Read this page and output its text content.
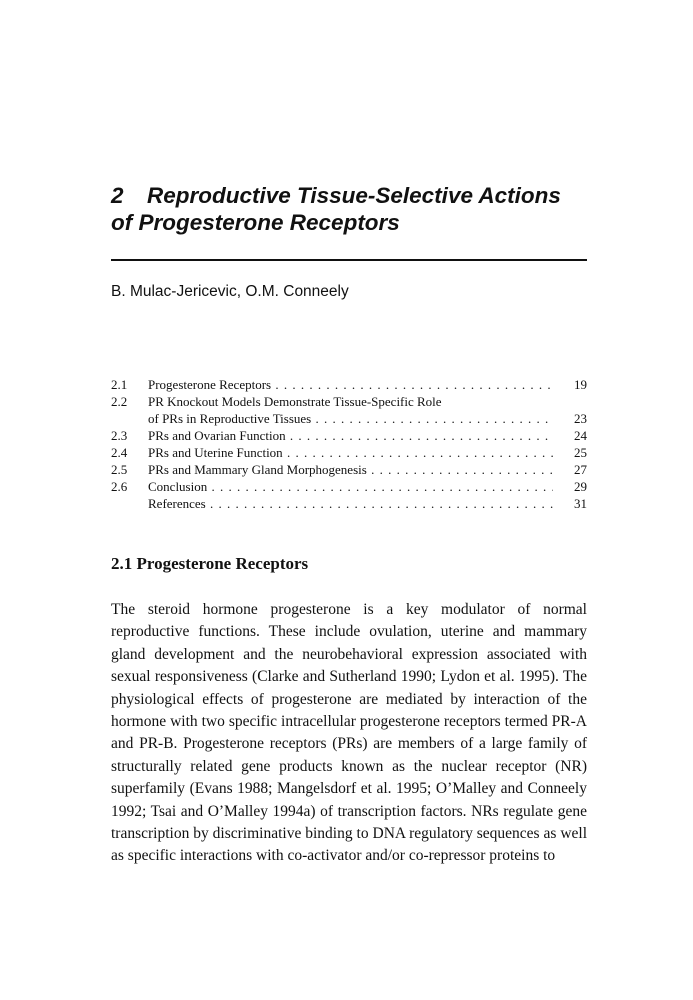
2 Reproductive Tissue-Selective Actions
of Progesterone Receptors

B. Mulac-Jericevic, O.M. Conneely

2.1	Progesterone Receptors . . .	19
2.2	PR Knockout Models Demonstrate Tissue-Specific Role
of PRs in Reproductive Tissues . . .	23
2.3	PRs and Ovarian Function . . .	24
2.4	PRs and Uterine Function . . .	25
2.5	PRs and Mammary Gland Morphogenesis . . .	27
2.6	Conclusion . . .	29
References . . .	31
2.1 Progesterone Receptors

The steroid hormone progesterone is a key modulator of normal reproductive functions. These include ovulation, uterine and mammary gland development and the neurobehavioral expression associated with sexual responsiveness (Clarke and Sutherland 1990; Lydon et al. 1995). The physiological effects of progesterone are mediated by interaction of the hormone with two specific intracellular progesterone receptors termed PR-A and PR-B. Progesterone receptors (PRs) are members of a large family of structurally related gene products known as the nuclear receptor (NR) superfamily (Evans 1988; Mangelsdorf et al. 1995; O’Malley and Conneely 1992; Tsai and O’Malley 1994a) of transcription factors. NRs regulate gene transcription by discriminative binding to DNA regulatory sequences as well as specific interactions with co-activator and/or co-repressor proteins to
